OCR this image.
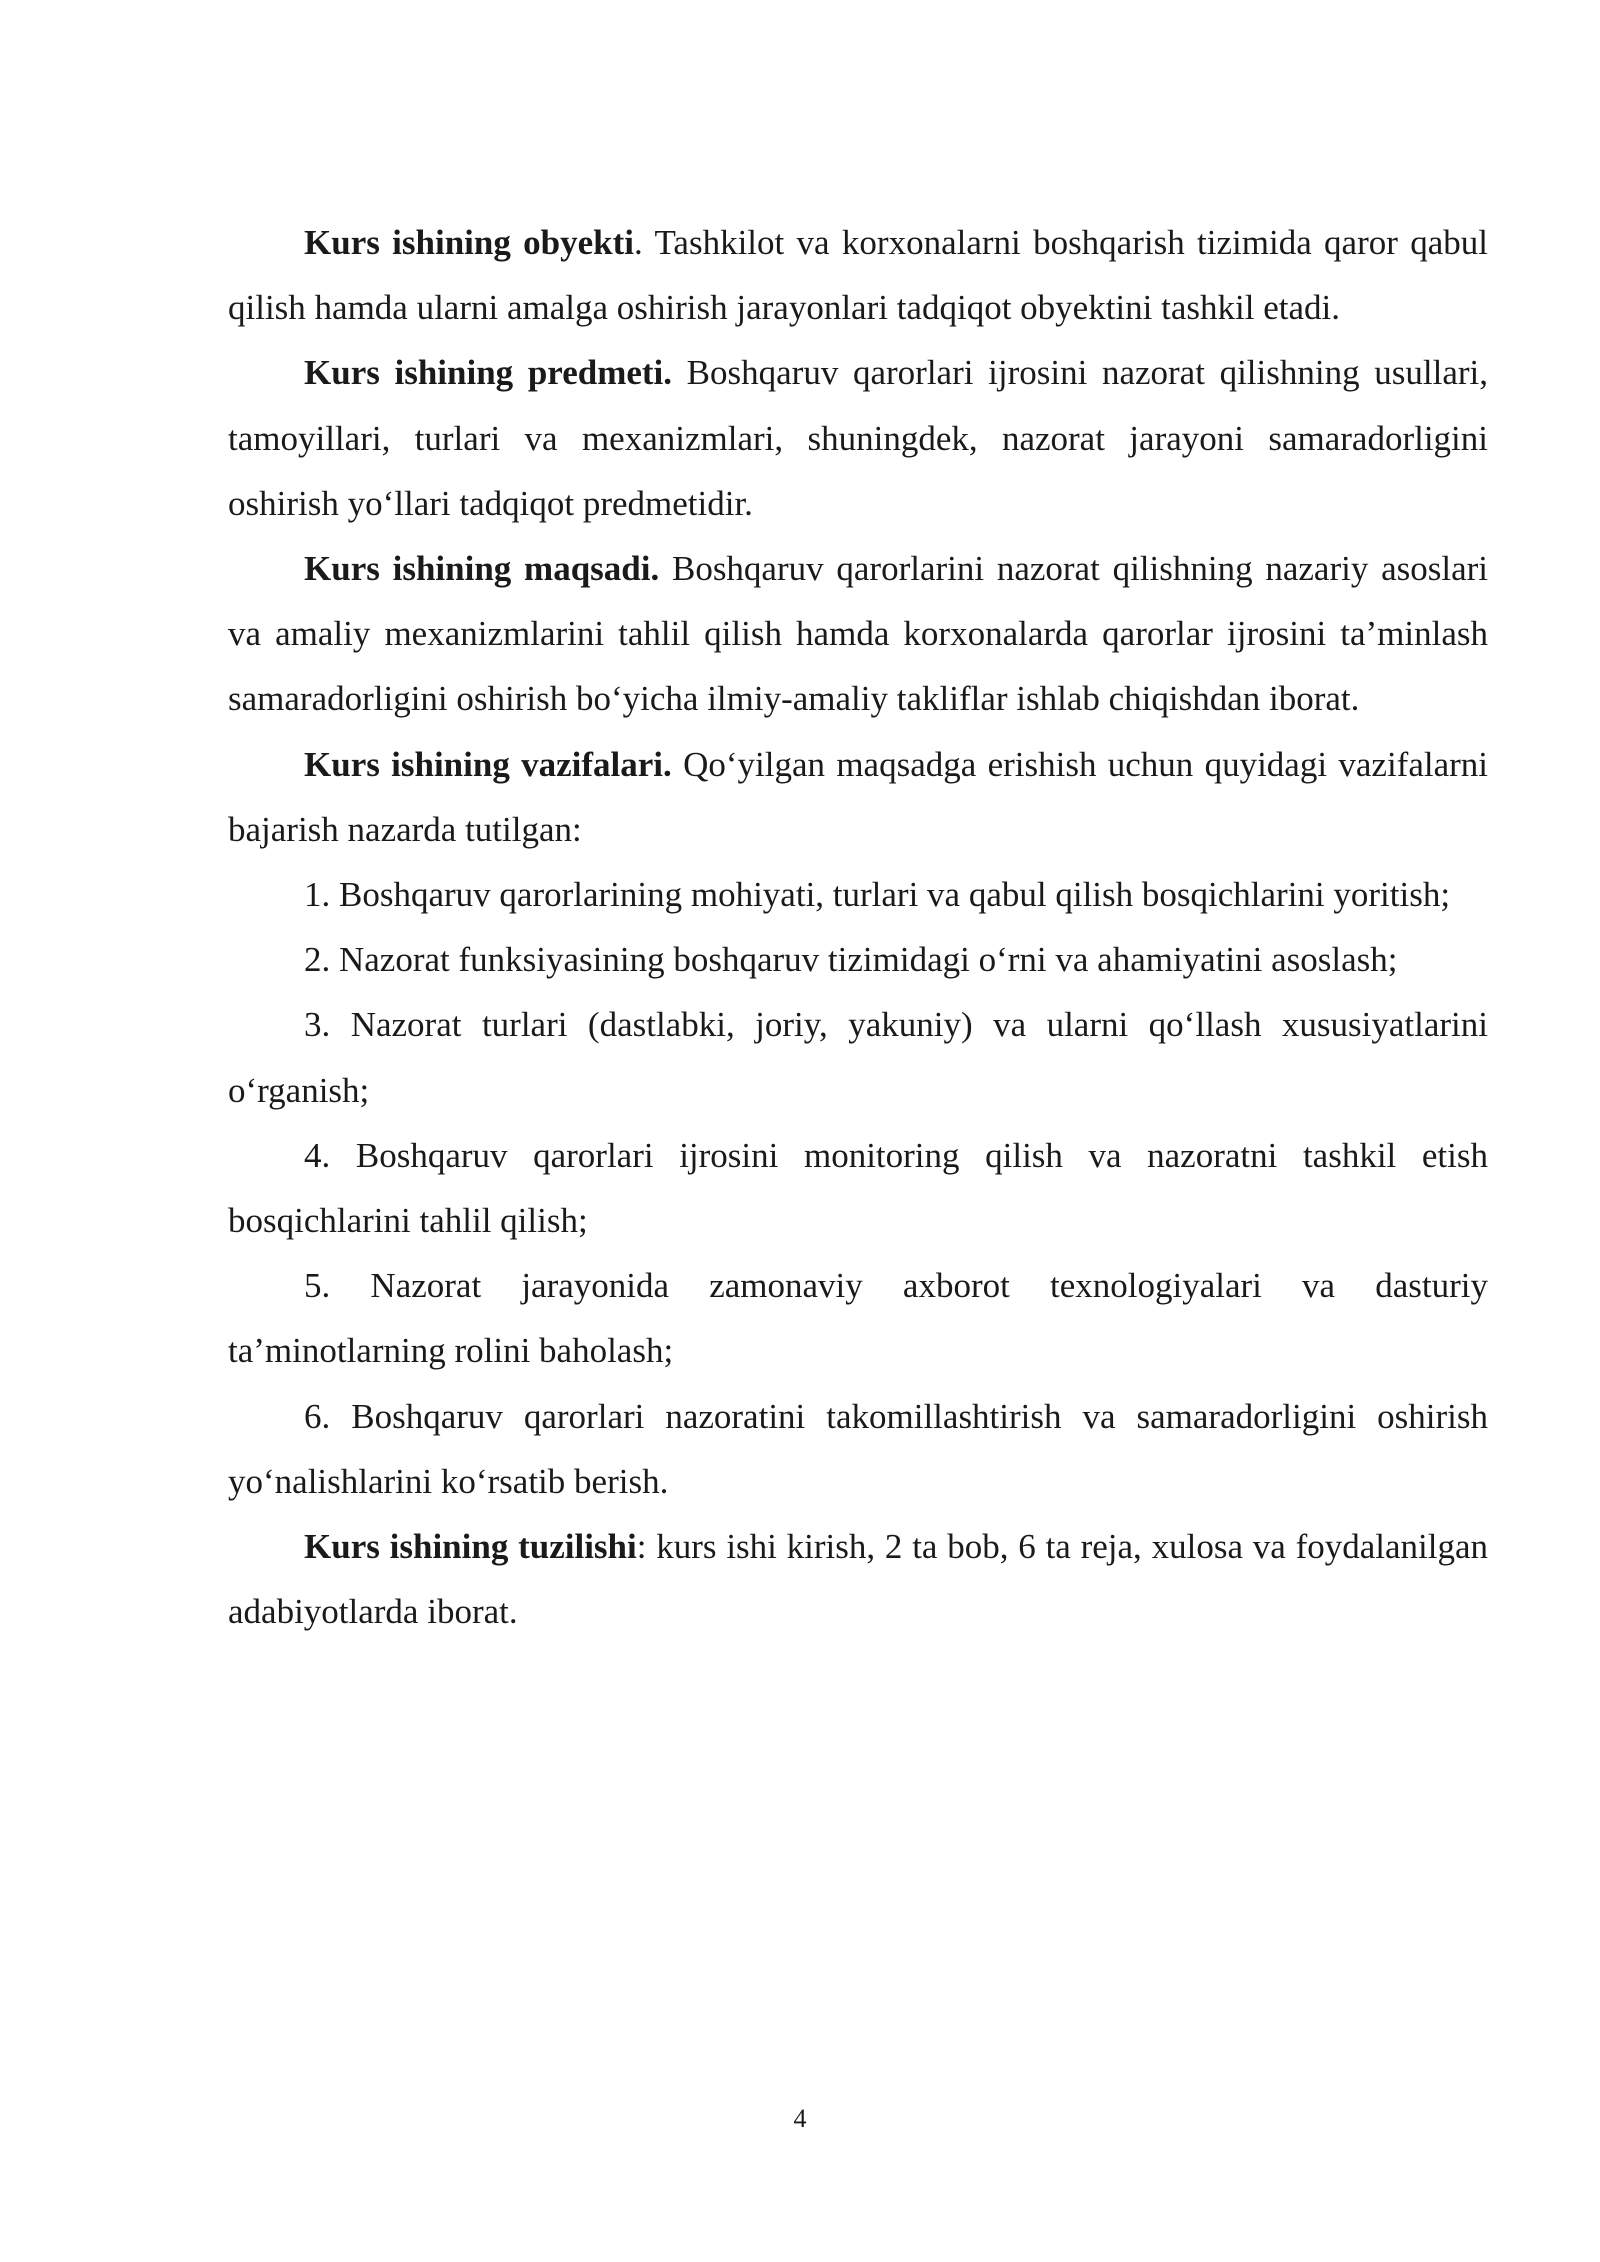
Kurs ishining obyekti. Tashkilot va korxonalarni boshqarish tizimida qaror qabul qilish hamda ularni amalga oshirish jarayonlari tadqiqot obyektini tashkil etadi.

Kurs ishining predmeti. Boshqaruv qarorlari ijrosini nazorat qilishning usullari, tamoyillari, turlari va mexanizmlari, shuningdek, nazorat jarayoni samaradorligini oshirish yo‘llari tadqiqot predmetidir.

Kurs ishining maqsadi. Boshqaruv qarorlarini nazorat qilishning nazariy asoslari va amaliy mexanizmlarini tahlil qilish hamda korxonalarda qarorlar ijrosini ta’minlash samaradorligini oshirish bo‘yicha ilmiy-amaliy takliflar ishlab chiqishdan iborat.

Kurs ishining vazifalari. Qo‘yilgan maqsadga erishish uchun quyidagi vazifalarni bajarish nazarda tutilgan:

1. Boshqaruv qarorlarining mohiyati, turlari va qabul qilish bosqichlarini yoritish;

2. Nazorat funksiyasining boshqaruv tizimidagi o‘rni va ahamiyatini asoslash;

3. Nazorat turlari (dastlabki, joriy, yakuniy) va ularni qo‘llash xususiyatlarini o‘rganish;

4. Boshqaruv qarorlari ijrosini monitoring qilish va nazoratni tashkil etish bosqichlarini tahlil qilish;

5. Nazorat jarayonida zamonaviy axborot texnologiyalari va dasturiy ta’minotlarning rolini baholash;

6. Boshqaruv qarorlari nazoratini takomillashtirish va samaradorligini oshirish yo‘nalishlarini ko‘rsatib berish.

Kurs ishining tuzilishi: kurs ishi kirish, 2 ta bob, 6 ta reja, xulosa va foydalanilgan adabiyotlarda iborat.

4
